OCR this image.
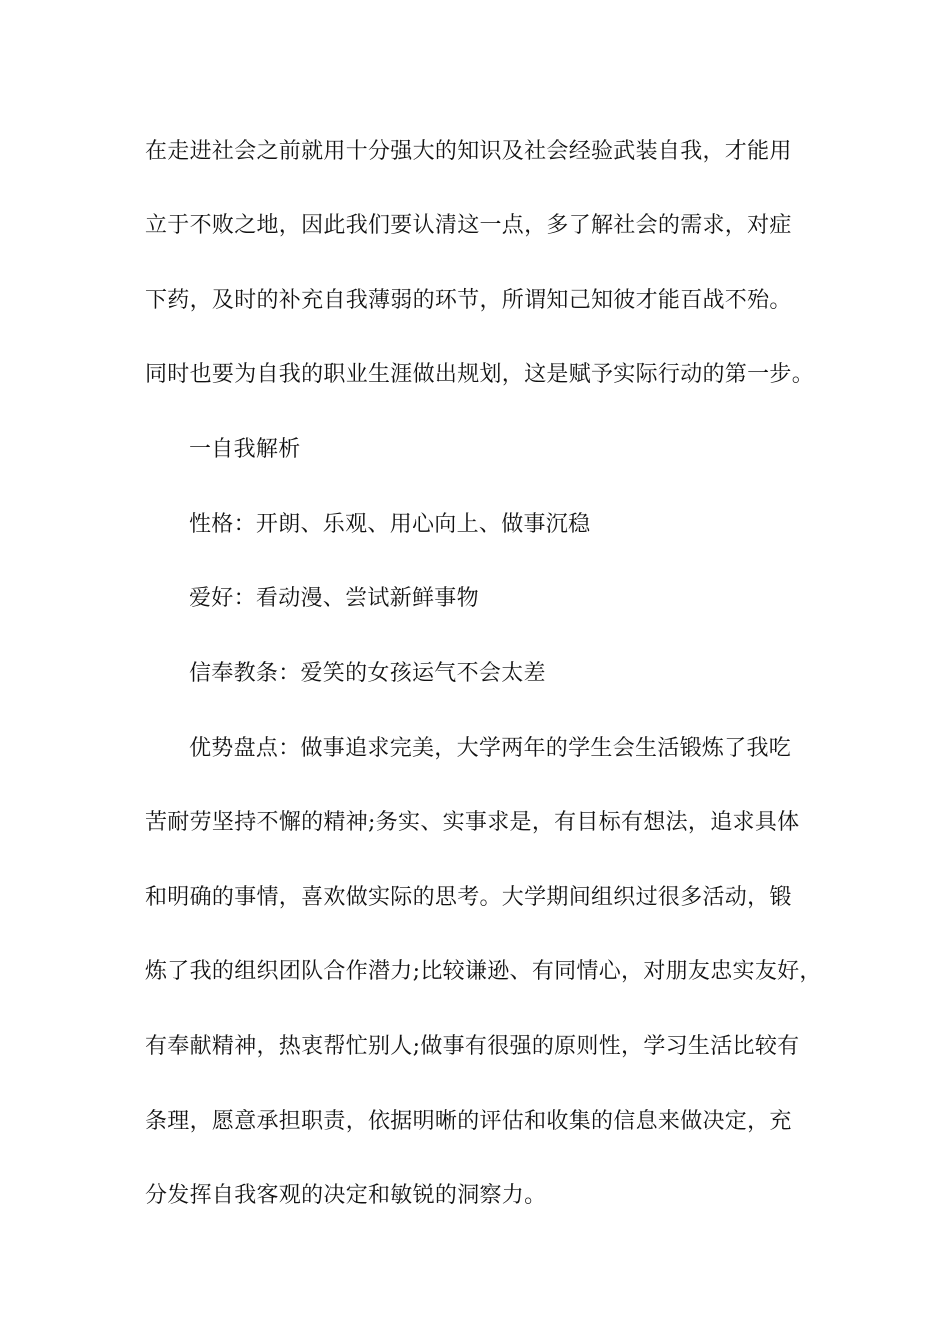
在走进社会之前就用十分强大的知识及社会经验武装自我，才能用
立于不败之地，因此我们要认清这一点，多了解社会的需求，对症
下药，及时的补充自我薄弱的环节，所谓知己知彼才能百战不殆。
同时也要为自我的职业生涯做出规划，这是赋予实际行动的第一步。
一自我解析
性格：开朗、乐观、用心向上、做事沉稳
爱好：看动漫、尝试新鲜事物
信奉教条：爱笑的女孩运气不会太差
优势盘点：做事追求完美，大学两年的学生会生活锻炼了我吃
苦耐劳坚持不懈的精神;务实、实事求是，有目标有想法，追求具体
和明确的事情，喜欢做实际的思考。大学期间组织过很多活动，锻
炼了我的组织团队合作潜力;比较谦逊、有同情心，对朋友忠实友好，
有奉献精神，热衷帮忙别人;做事有很强的原则性，学习生活比较有
条理，愿意承担职责，依据明晰的评估和收集的信息来做决定，充
分发挥自我客观的决定和敏锐的洞察力。
